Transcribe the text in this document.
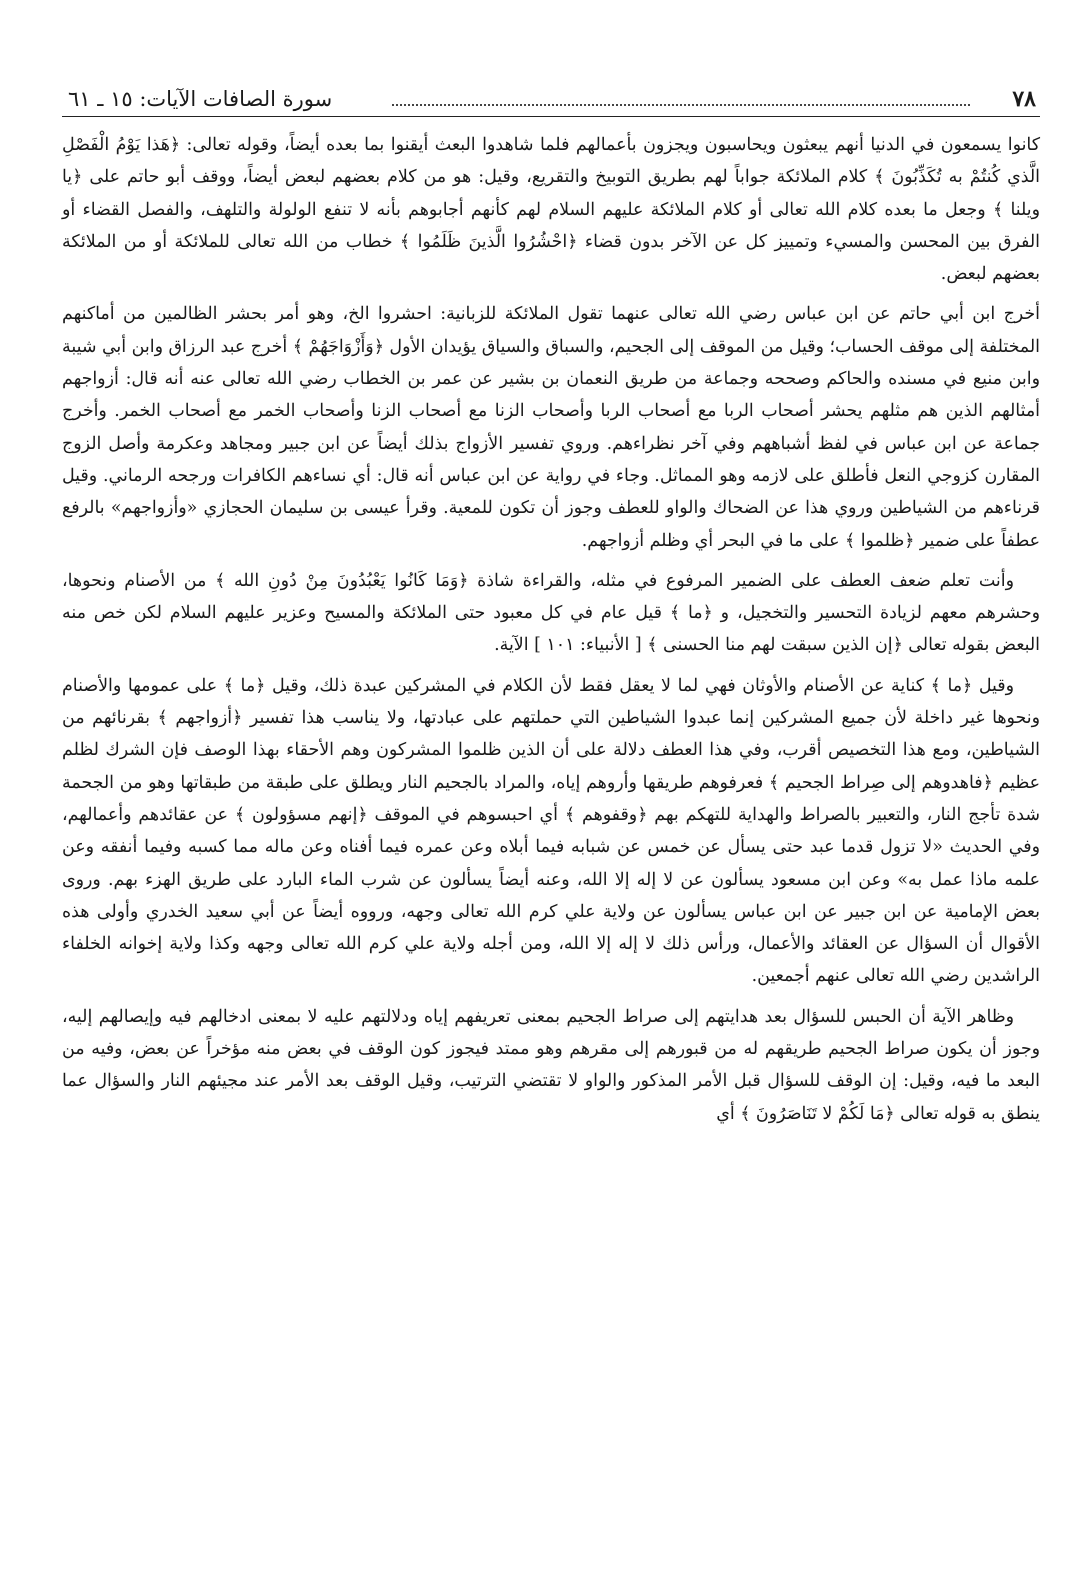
٧٨
سورة الصافات الآيات: ١٥ ـ ٦١

كانوا يسمعون في الدنيا أنهم يبعثون ويحاسبون ويجزون بأعمالهم فلما شاهدوا البعث أيقنوا بما بعده أيضاً، وقوله تعالى: ﴿هَذا يَوْمُ الْفَصْلِ الَّذي كُنتُمْ به تُكَذِّبُونَ ﴾ كلام الملائكة جواباً لهم بطريق التوبيخ والتقريع، وقيل: هو من كلام بعضهم لبعض أيضاً، ووقف أبو حاتم على ﴿يا ويلنا ﴾ وجعل ما بعده كلام الله تعالى أو كلام الملائكة عليهم السلام لهم كأنهم أجابوهم بأنه لا تنفع الولولة والتلهف، والفصل القضاء أو الفرق بين المحسن والمسيء وتمييز كل عن الآخر بدون قضاء ﴿احْشُرُوا الَّذينَ ظَلَمُوا ﴾ خطاب من الله تعالى للملائكة أو من الملائكة بعضهم لبعض.

أخرج ابن أبي حاتم عن ابن عباس رضي الله تعالى عنهما تقول الملائكة للزبانية: احشروا الخ، وهو أمر بحشر الظالمين من أماكنهم المختلفة إلى موقف الحساب؛ وقيل من الموقف إلى الجحيم، والسباق والسياق يؤيدان الأول ﴿وَأَزْوَاجَهُمْ ﴾ أخرج عبد الرزاق وابن أبي شيبة وابن منيع في مسنده والحاكم وصححه وجماعة من طريق النعمان بن بشير عن عمر بن الخطاب رضي الله تعالى عنه أنه قال: أزواجهم أمثالهم الذين هم مثلهم يحشر أصحاب الربا مع أصحاب الربا وأصحاب الزنا مع أصحاب الزنا وأصحاب الخمر مع أصحاب الخمر. وأخرج جماعة عن ابن عباس في لفظ أشباههم وفي آخر نظراءهم. وروي تفسير الأزواج بذلك أيضاً عن ابن جبير ومجاهد وعكرمة وأصل الزوج المقارن كزوجي النعل فأطلق على لازمه وهو المماثل. وجاء في رواية عن ابن عباس أنه قال: أي نساءهم الكافرات ورجحه الرماني. وقيل قرناءهم من الشياطين وروي هذا عن الضحاك والواو للعطف وجوز أن تكون للمعية. وقرأ عيسى بن سليمان الحجازي «وأزواجهم» بالرفع عطفاً على ضمير ﴿ظلموا ﴾ على ما في البحر أي وظلم أزواجهم.

وأنت تعلم ضعف العطف على الضمير المرفوع في مثله، والقراءة شاذة ﴿وَمَا كَانُوا يَعْبُدُونَ مِنْ دُونِ الله ﴾ من الأصنام ونحوها، وحشرهم معهم لزيادة التحسير والتخجيل، و ﴿ما ﴾ قيل عام في كل معبود حتى الملائكة والمسيح وعزير عليهم السلام لكن خص منه البعض بقوله تعالى ﴿إن الذين سبقت لهم منا الحسنى ﴾ [ الأنبياء: ١٠١ ] الآية.

وقيل ﴿ما ﴾ كناية عن الأصنام والأوثان فهي لما لا يعقل فقط لأن الكلام في المشركين عبدة ذلك، وقيل ﴿ما ﴾ على عمومها والأصنام ونحوها غير داخلة لأن جميع المشركين إنما عبدوا الشياطين التي حملتهم على عبادتها، ولا يناسب هذا تفسير ﴿أزواجهم ﴾ بقرنائهم من الشياطين، ومع هذا التخصيص أقرب، وفي هذا العطف دلالة على أن الذين ظلموا المشركون وهم الأحقاء بهذا الوصف فإن الشرك لظلم عظيم ﴿فاهدوهم إلى صِراط الجحيم ﴾ فعرفوهم طريقها وأروهم إياه، والمراد بالجحيم النار ويطلق على طبقة من طبقاتها وهو من الجحمة شدة تأجج النار، والتعبير بالصراط والهداية للتهكم بهم ﴿وقفوهم ﴾ أي احبسوهم في الموقف ﴿إنهم مسؤولون ﴾ عن عقائدهم وأعمالهم، وفي الحديث «لا تزول قدما عبد حتى يسأل عن خمس عن شبابه فيما أبلاه وعن عمره فيما أفناه وعن ماله مما كسبه وفيما أنفقه وعن علمه ماذا عمل به» وعن ابن مسعود يسألون عن لا إله إلا الله، وعنه أيضاً يسألون عن شرب الماء البارد على طريق الهزء بهم. وروى بعض الإمامية عن ابن جبير عن ابن عباس يسألون عن ولاية علي كرم الله تعالى وجهه، ورووه أيضاً عن أبي سعيد الخدري وأولى هذه الأقوال أن السؤال عن العقائد والأعمال، ورأس ذلك لا إله إلا الله، ومن أجله ولاية علي كرم الله تعالى وجهه وكذا ولاية إخوانه الخلفاء الراشدين رضي الله تعالى عنهم أجمعين.

وظاهر الآية أن الحبس للسؤال بعد هدايتهم إلى صراط الجحيم بمعنى تعريفهم إياه ودلالتهم عليه لا بمعنى ادخالهم فيه وإيصالهم إليه، وجوز أن يكون صراط الجحيم طريقهم له من قبورهم إلى مقرهم وهو ممتد فيجوز كون الوقف في بعض منه مؤخراً عن بعض، وفيه من البعد ما فيه، وقيل: إن الوقف للسؤال قبل الأمر المذكور والواو لا تقتضي الترتيب، وقيل الوقف بعد الأمر عند مجيئهم النار والسؤال عما ينطق به قوله تعالى ﴿مَا لَكُمْ لا تَنَاصَرُونَ ﴾ أي
